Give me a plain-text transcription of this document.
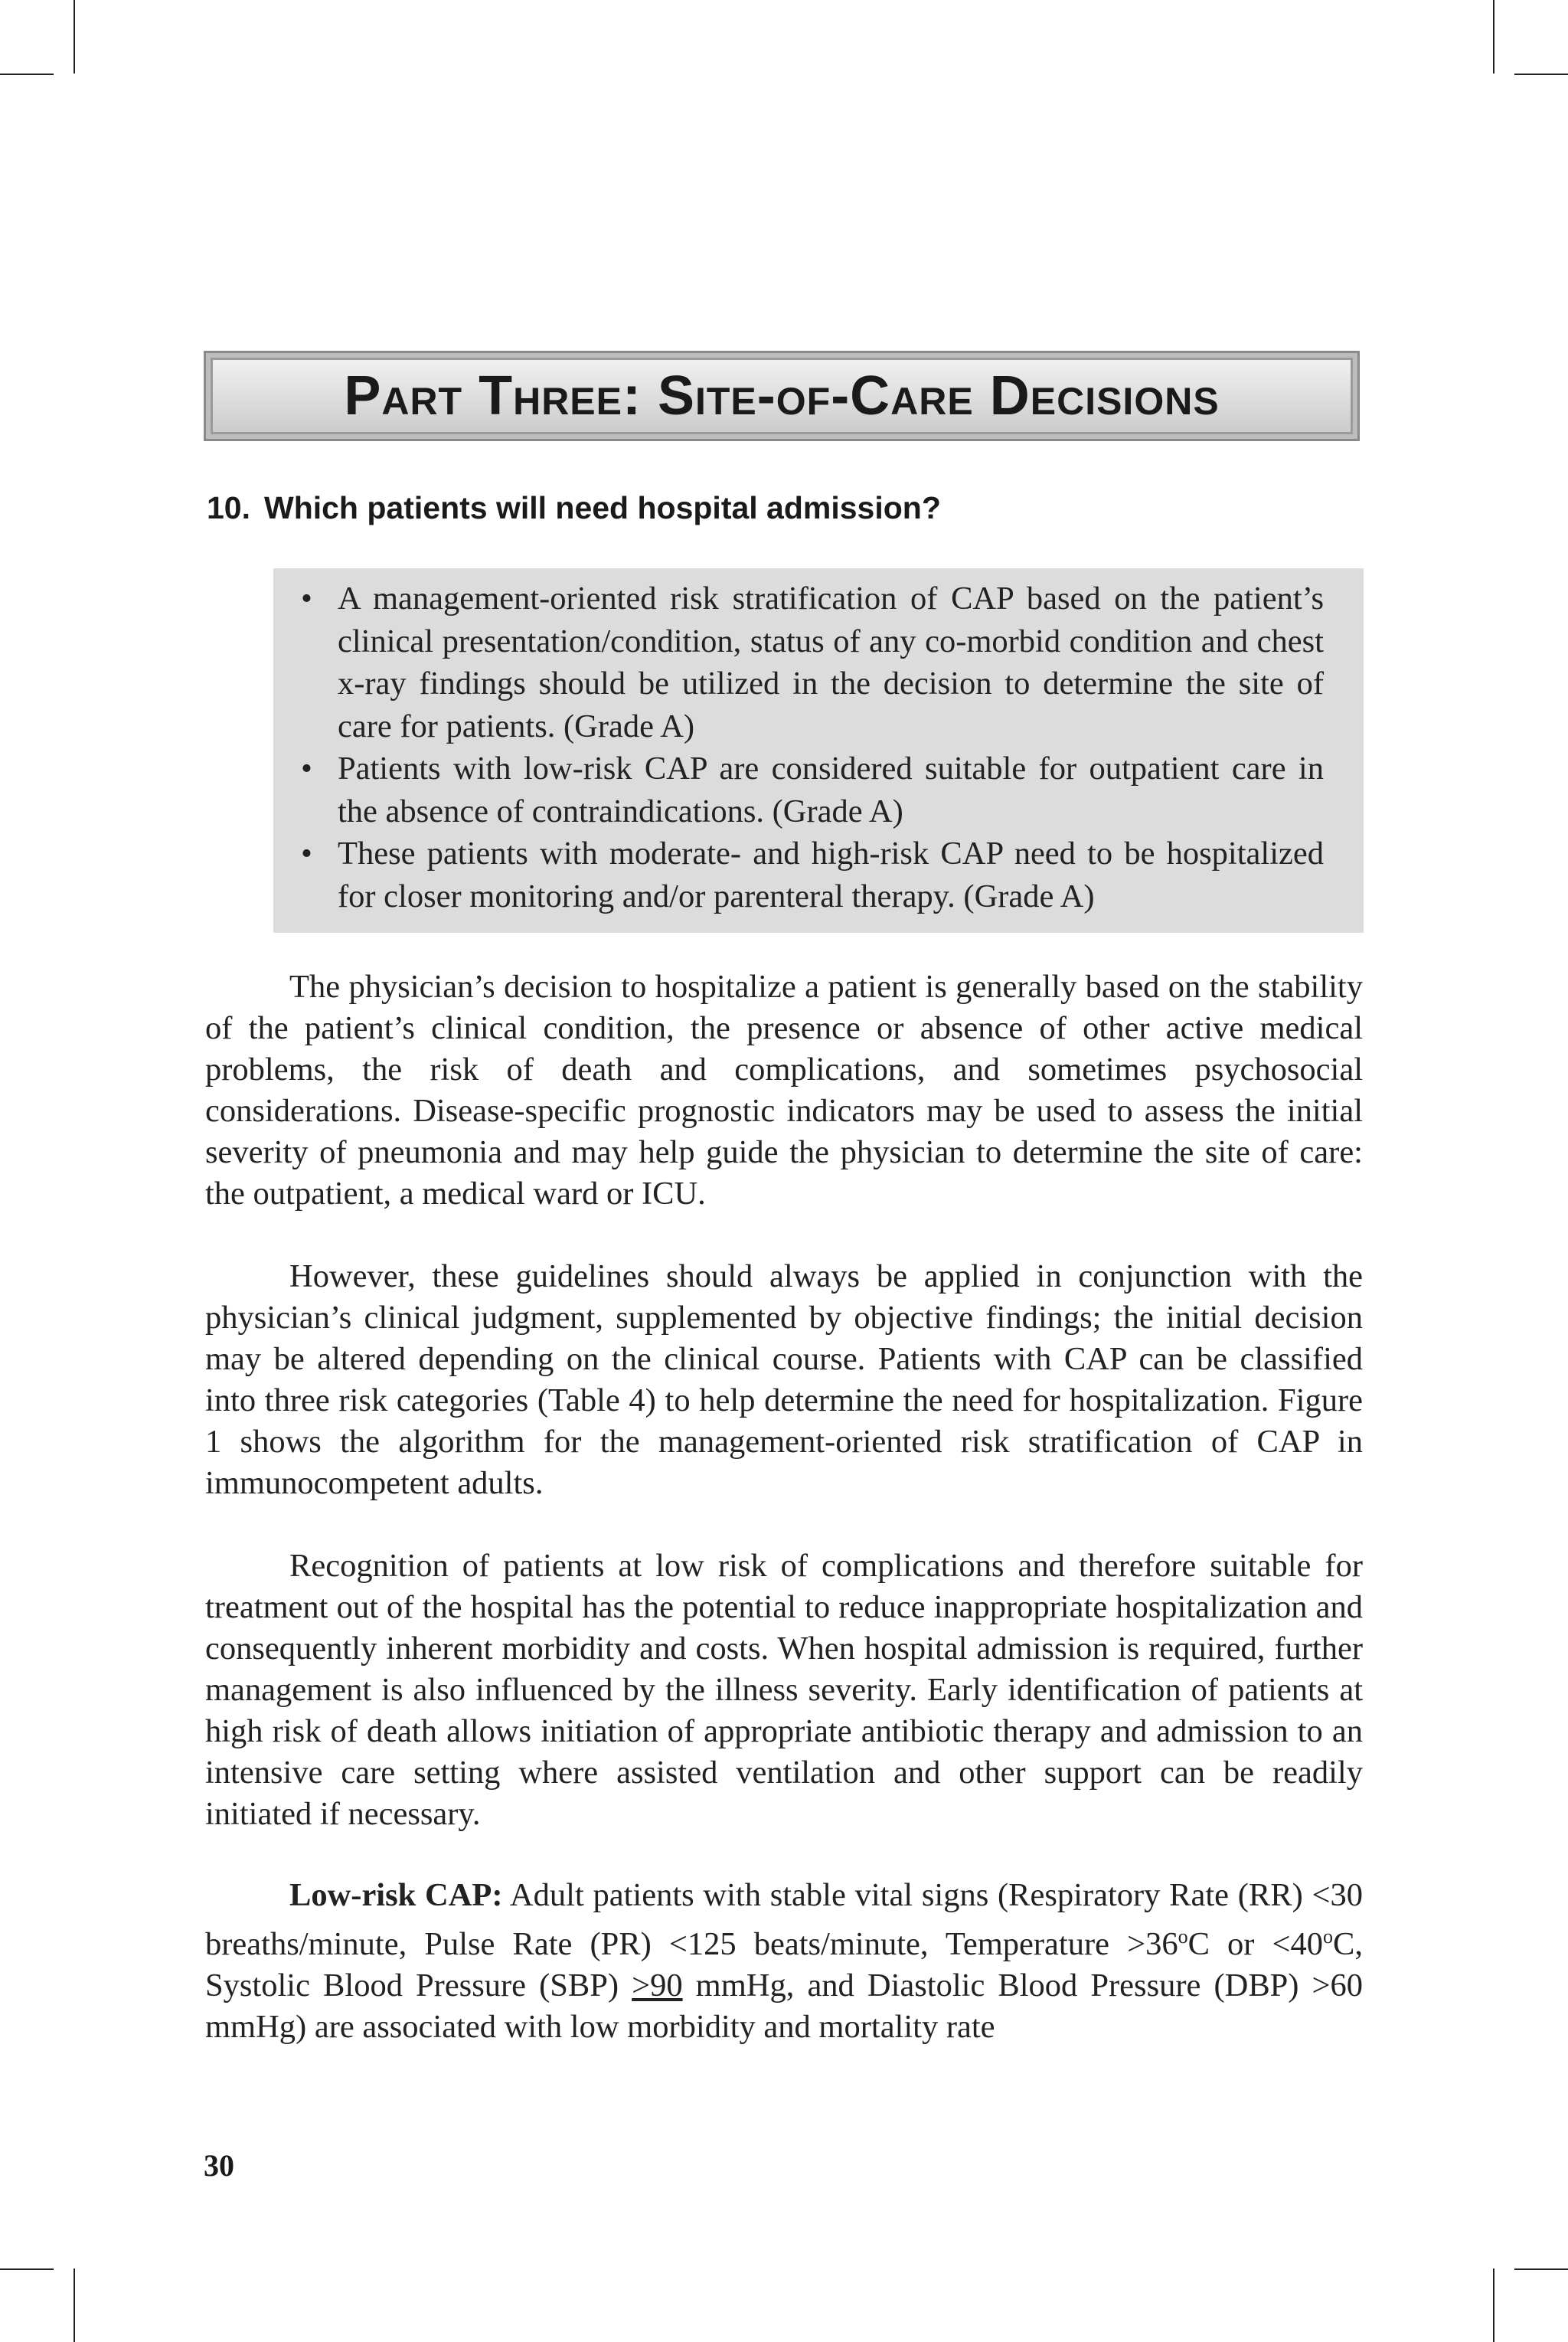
Part Three: Site-of-Care Decisions
10. Which patients will need hospital admission?
• A management-oriented risk stratification of CAP based on the patient’s clinical presentation/condition, status of any co-morbid condition and chest x-ray findings should be utilized in the decision to determine the site of care for patients. (Grade A)
• Patients with low-risk CAP are considered suitable for outpatient care in the absence of contraindications. (Grade A)
• These patients with moderate- and high-risk CAP need to be hospitalized for closer monitoring and/or parenteral therapy. (Grade A)

The physician’s decision to hospitalize a patient is generally based on the stability of the patient’s clinical condition, the presence or absence of other active medical problems, the risk of death and complications, and sometimes psychosocial considerations. Disease-specific prognostic indicators may be used to assess the initial severity of pneumonia and may help guide the physician to determine the site of care: the outpatient, a medical ward or ICU.

However, these guidelines should always be applied in conjunction with the physician’s clinical judgment, supplemented by objective findings; the initial decision may be altered depending on the clinical course. Patients with CAP can be classified into three risk categories (Table 4) to help determine the need for hospitalization. Figure 1 shows the algorithm for the management-oriented risk stratification of CAP in immunocompetent adults.

Recognition of patients at low risk of complications and therefore suitable for treatment out of the hospital has the potential to reduce inappropriate hospitalization and consequently inherent morbidity and costs. When hospital admission is required, further management is also influenced by the illness severity. Early identification of patients at high risk of death allows initiation of appropriate antibiotic therapy and admission to an intensive care setting where assisted ventilation and other support can be readily initiated if necessary.

Low-risk CAP: Adult patients with stable vital signs (Respiratory Rate (RR) <30 breaths/minute, Pulse Rate (PR) <125 beats/minute, Temperature $>36^oC$ or $<40^oC$, Systolic Blood Pressure (SBP) >90 mmHg, and Diastolic Blood Pressure (DBP) >60 mmHg) are associated with low morbidity and mortality rate

30
